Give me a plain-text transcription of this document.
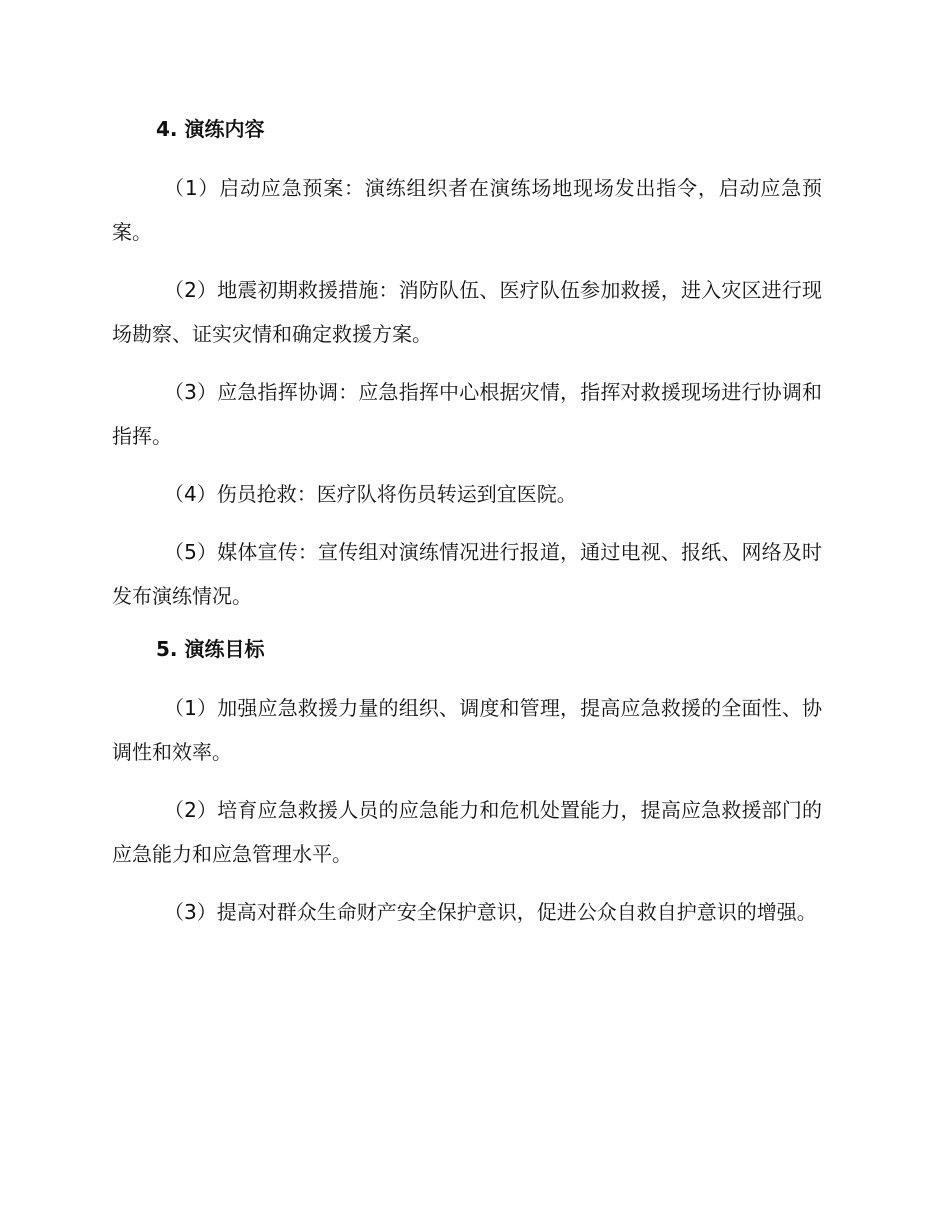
4. 演练内容

（1）启动应急预案：演练组织者在演练场地现场发出指令，启动应急预案。

（2）地震初期救援措施：消防队伍、医疗队伍参加救援，进入灾区进行现场勘察、证实灾情和确定救援方案。

（3）应急指挥协调：应急指挥中心根据灾情，指挥对救援现场进行协调和指挥。

（4）伤员抢救：医疗队将伤员转运到宜医院。

（5）媒体宣传：宣传组对演练情况进行报道，通过电视、报纸、网络及时发布演练情况。

5. 演练目标

（1）加强应急救援力量的组织、调度和管理，提高应急救援的全面性、协调性和效率。

（2）培育应急救援人员的应急能力和危机处置能力，提高应急救援部门的应急能力和应急管理水平。

（3）提高对群众生命财产安全保护意识，促进公众自救自护意识的增强。
